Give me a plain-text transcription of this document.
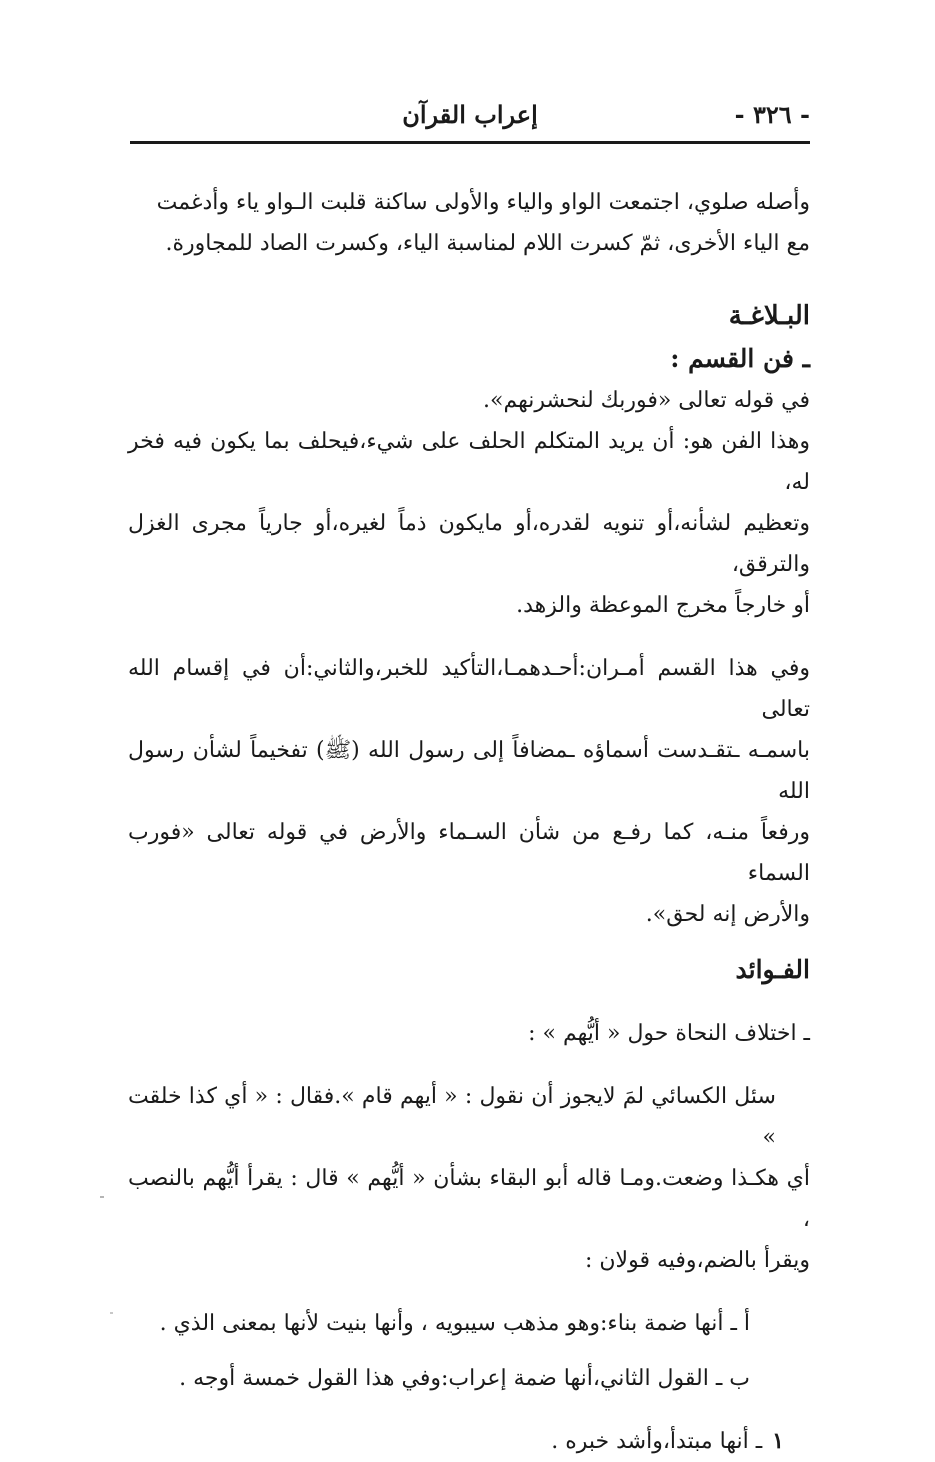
- ٣٢٦ -
إعراب القرآن

وأصله صلوي، اجتمعت الواو والياء والأولى ساكنة قلبت الـواو ياء وأدغمت

مع الياء الأخرى، ثمّ كسرت اللام لمناسبة الياء، وكسرت الصاد للمجاورة.

البـلاغـة
ـ فن القسم :

في قوله تعالى «فوربك لنحشرنهم».

وهذا الفن هو: أن يريد المتكلم الحلف على شيء،فيحلف بما يكون فيه فخر له،

وتعظيم لشأنه،أو تنويه لقدره،أو مايكون ذماً لغيره،أو جارياً مجرى الغزل والترقق،

أو خارجاً مخرج الموعظة والزهد.

وفي هذا القسم أمـران:أحـدهمـا،التأكيد للخبر،والثاني:أن في إقسام الله تعالى

باسمـه ـتقـدست أسماؤه ـمضافاً إلى رسول الله (ﷺ) تفخيماً لشأن رسول الله

ورفعاً منـه، كما رفـع من شأن السـماء والأرض في قوله تعالى «فورب السماء

والأرض إنه لحق».

الفـوائد

ـ اختلاف النحاة حول « أيُّهم » :

سئل الكسائي لمَ لايجوز أن نقول : « أيهم قام ».فقال : « أي كذا خلقت »

أي هكـذا وضعت.ومـا قاله أبو البقاء بشأن « أيُّهم » قال : يقرأ أيُّهم بالنصب ،

ويقرأ بالضم،وفيه قولان :

أ ـ أنها ضمة بناء:وهو مذهب سيبويه ، وأنها بنيت لأنها بمعنى الذي .

ب ـ القول الثاني،أنها ضمة إعراب:وفي هذا القول خمسة أوجه .

١ـ أنها مبتدأ،وأشد خبره .
